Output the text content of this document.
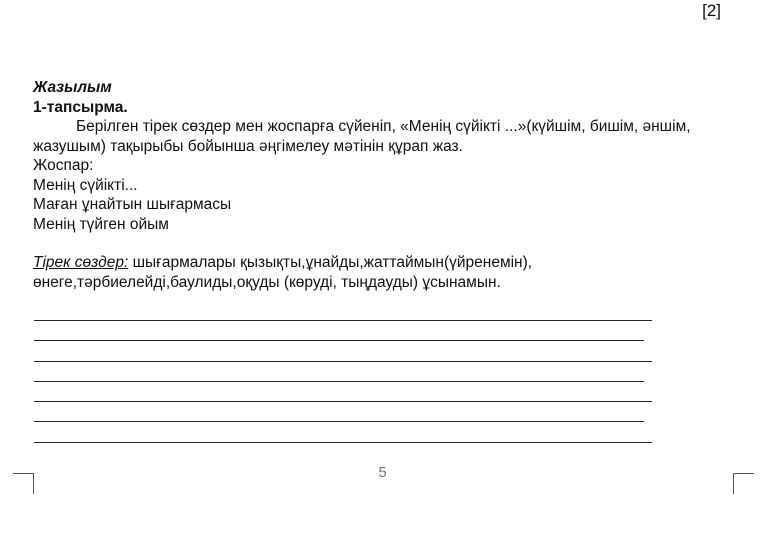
[2]
Жазылым
1-тапсырма.

Берілген тірек сөздер мен жоспарға сүйеніп, «Менің сүйікті ...»(күйшім, бишім, әншім, жазушым) тақырыбы бойынша әңгімелеу мәтінін құрап жаз.

Жоспар:
Менің сүйікті...
Маған ұнайтын шығармасы
Менің түйген ойым

Тірек сөздер: шығармалары қызықты,ұнайды,жаттаймын(үйренемін), өнеге,тәрбиелейді,баулиды,оқуды (көруді, тыңдауды) ұсынамын.

5
